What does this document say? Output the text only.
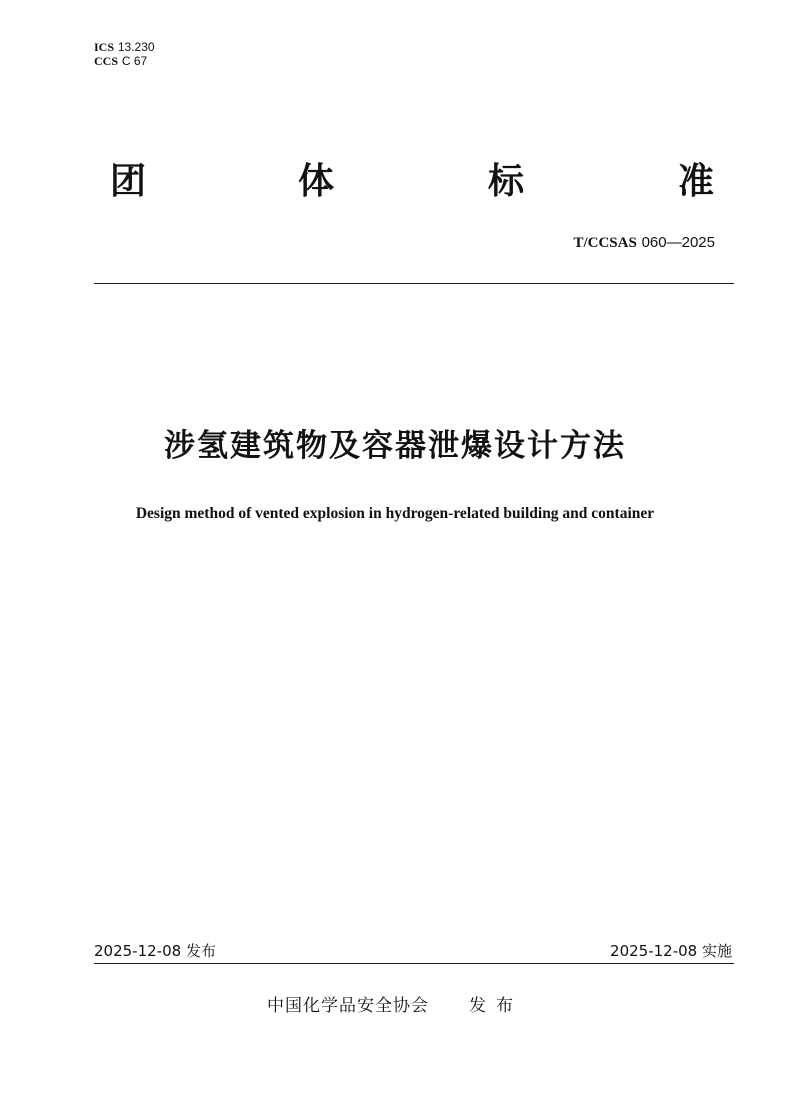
ICS 13.230
CCS C 67
团	体	标	准
T/CCSAS 060—2025
涉氢建筑物及容器泄爆设计方法
Design method of vented explosion in hydrogen-related building and container
2025-12-08 发布	2025-12-08 实施
中国化学品安全协会 发布
